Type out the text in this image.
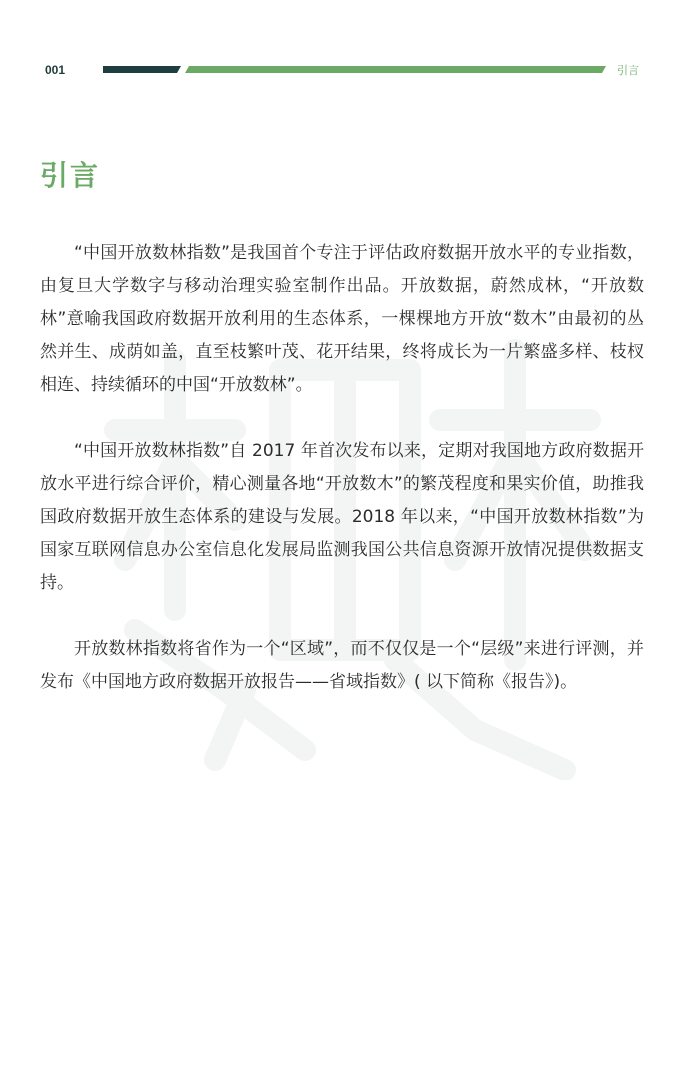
001	引言
引言

“中国开放数林指数”是我国首个专注于评估政府数据开放水平的专业指数，由复旦大学数字与移动治理实验室制作出品。开放数据，蔚然成林，“开放数林”意喻我国政府数据开放利用的生态体系，一棵棵地方开放“数木”由最初的丛然并生、成荫如盖，直至枝繁叶茂、花开结果，终将成长为一片繁盛多样、枝杈相连、持续循环的中国“开放数林”。

“中国开放数林指数”自 2017 年首次发布以来，定期对我国地方政府数据开放水平进行综合评价，精心测量各地“开放数木”的繁茂程度和果实价值，助推我国政府数据开放生态体系的建设与发展。2018 年以来，“中国开放数林指数”为国家互联网信息办公室信息化发展局监测我国公共信息资源开放情况提供数据支持。

开放数林指数将省作为一个“区域”，而不仅仅是一个“层级”来进行评测，并发布《中国地方政府数据开放报告——省域指数》( 以下简称《报告》)。
